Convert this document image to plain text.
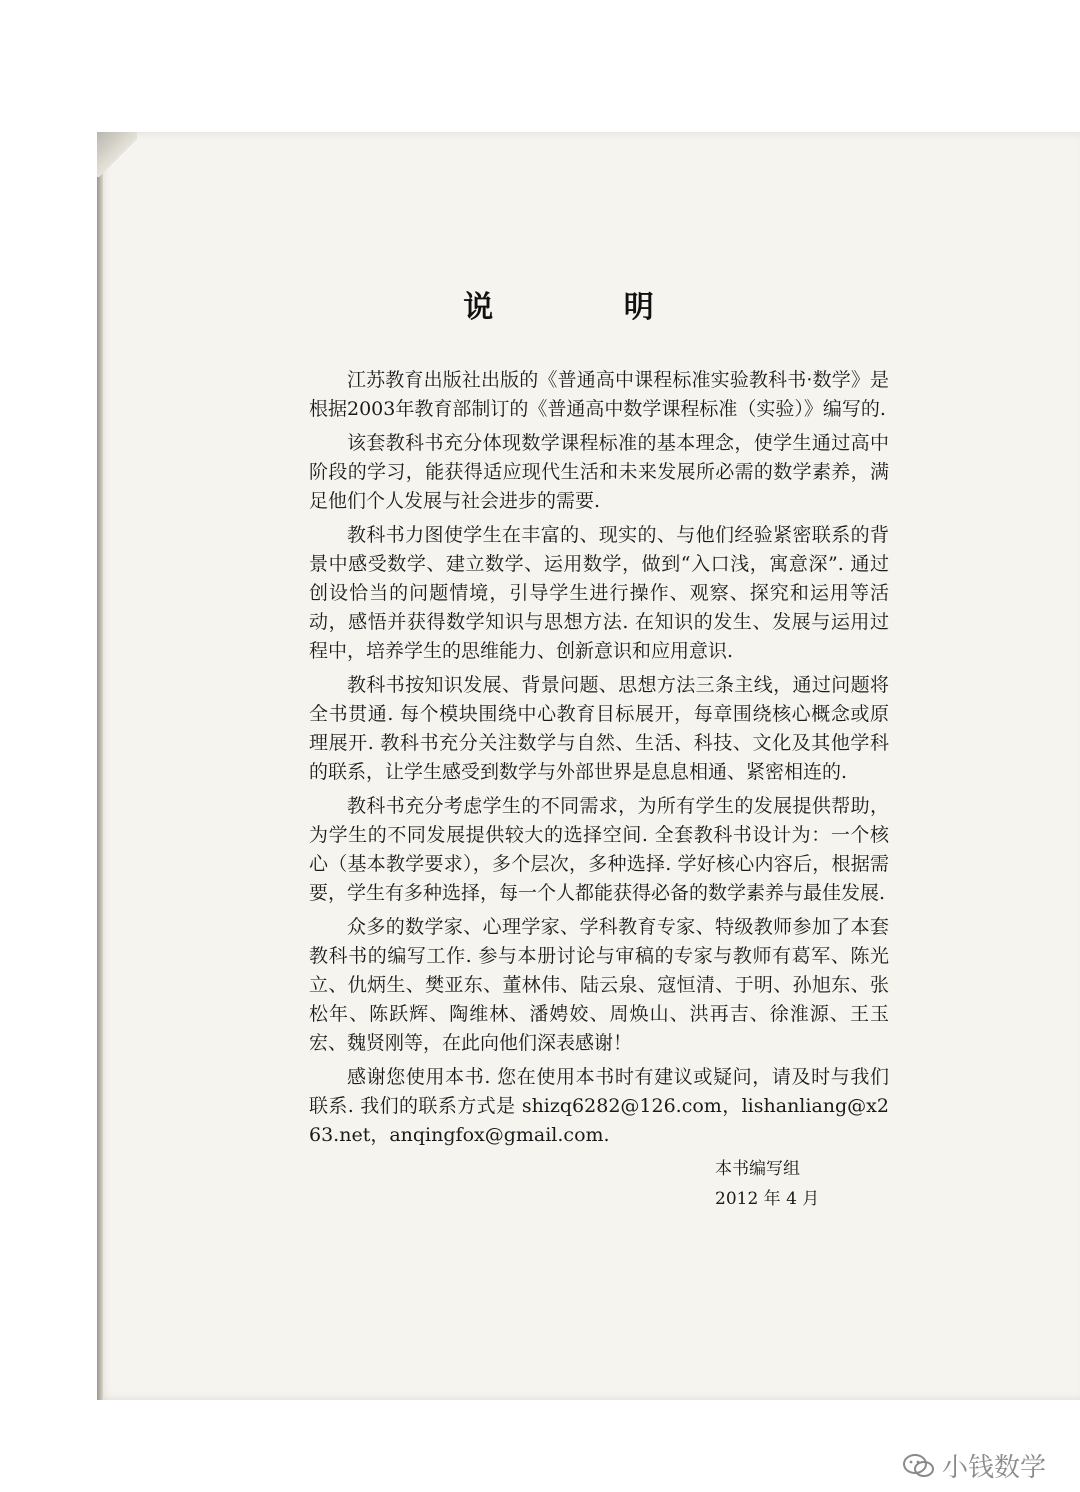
说 明

江苏教育出版社出版的《普通高中课程标准实验教科书·数学》是根据2003年教育部制订的《普通高中数学课程标准（实验）》编写的.

该套教科书充分体现数学课程标准的基本理念，使学生通过高中阶段的学习，能获得适应现代生活和未来发展所必需的数学素养，满足他们个人发展与社会进步的需要.

教科书力图使学生在丰富的、现实的、与他们经验紧密联系的背景中感受数学、建立数学、运用数学，做到“入口浅，寓意深”. 通过创设恰当的问题情境，引导学生进行操作、观察、探究和运用等活动，感悟并获得数学知识与思想方法. 在知识的发生、发展与运用过程中，培养学生的思维能力、创新意识和应用意识.

教科书按知识发展、背景问题、思想方法三条主线，通过问题将全书贯通. 每个模块围绕中心教育目标展开，每章围绕核心概念或原理展开. 教科书充分关注数学与自然、生活、科技、文化及其他学科的联系，让学生感受到数学与外部世界是息息相通、紧密相连的.

教科书充分考虑学生的不同需求，为所有学生的发展提供帮助，为学生的不同发展提供较大的选择空间. 全套教科书设计为：一个核心（基本教学要求），多个层次，多种选择. 学好核心内容后，根据需要，学生有多种选择，每一个人都能获得必备的数学素养与最佳发展.

众多的数学家、心理学家、学科教育专家、特级教师参加了本套教科书的编写工作. 参与本册讨论与审稿的专家与教师有葛军、陈光立、仇炳生、樊亚东、董林伟、陆云泉、寇恒清、于明、孙旭东、张松年、陈跃辉、陶维林、潘娉姣、周焕山、洪再吉、徐淮源、王玉宏、魏贤刚等，在此向他们深表感谢！

感谢您使用本书. 您在使用本书时有建议或疑问，请及时与我们联系. 我们的联系方式是 shizq6282@126.com，lishanliang@x263.net，anqingfox@gmail.com.

本书编写组
2012 年 4 月
小钱数学
